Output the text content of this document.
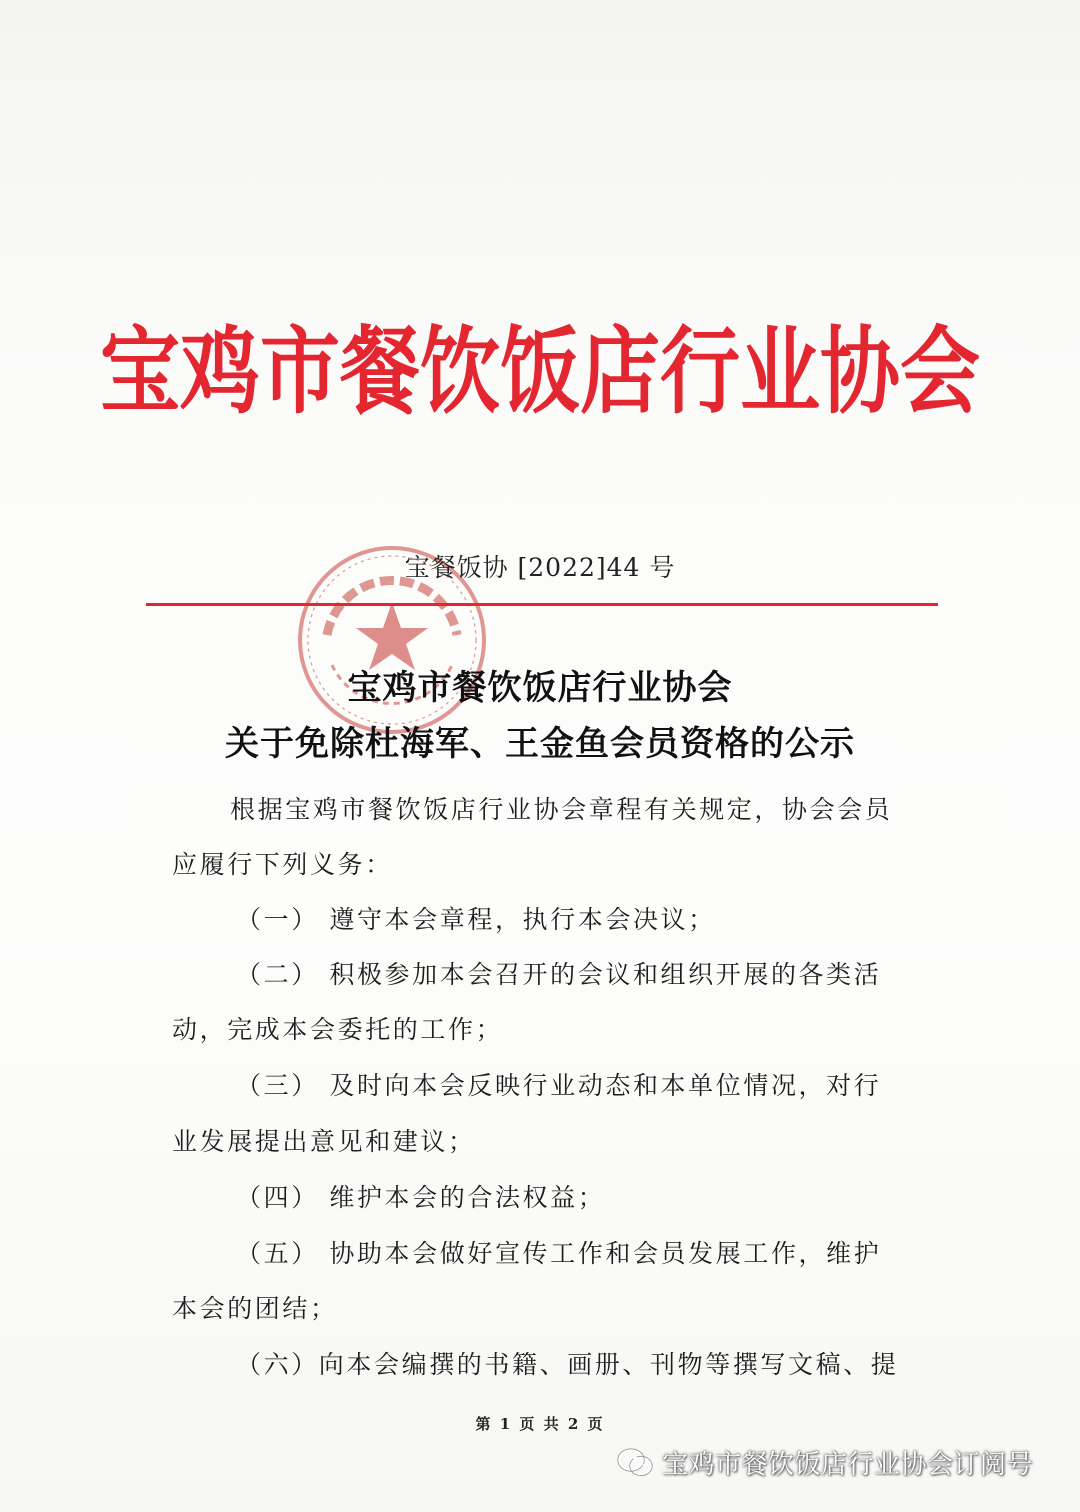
宝鸡市餐饮饭店行业协会
宝餐饭协 [2022]44 号
宝鸡市餐饮饭店行业协会
关于免除杜海军、王金鱼会员资格的公示
根据宝鸡市餐饮饭店行业协会章程有关规定，协会会员
应履行下列义务：
（一） 遵守本会章程，执行本会决议；
（二） 积极参加本会召开的会议和组织开展的各类活
动，完成本会委托的工作；
（三） 及时向本会反映行业动态和本单位情况，对行
业发展提出意见和建议；
（四） 维护本会的合法权益；
（五） 协助本会做好宣传工作和会员发展工作，维护
本会的团结；
（六）向本会编撰的书籍、画册、刊物等撰写文稿、提
第 1 页 共 2 页
宝鸡市餐饮饭店行业协会订阅号
